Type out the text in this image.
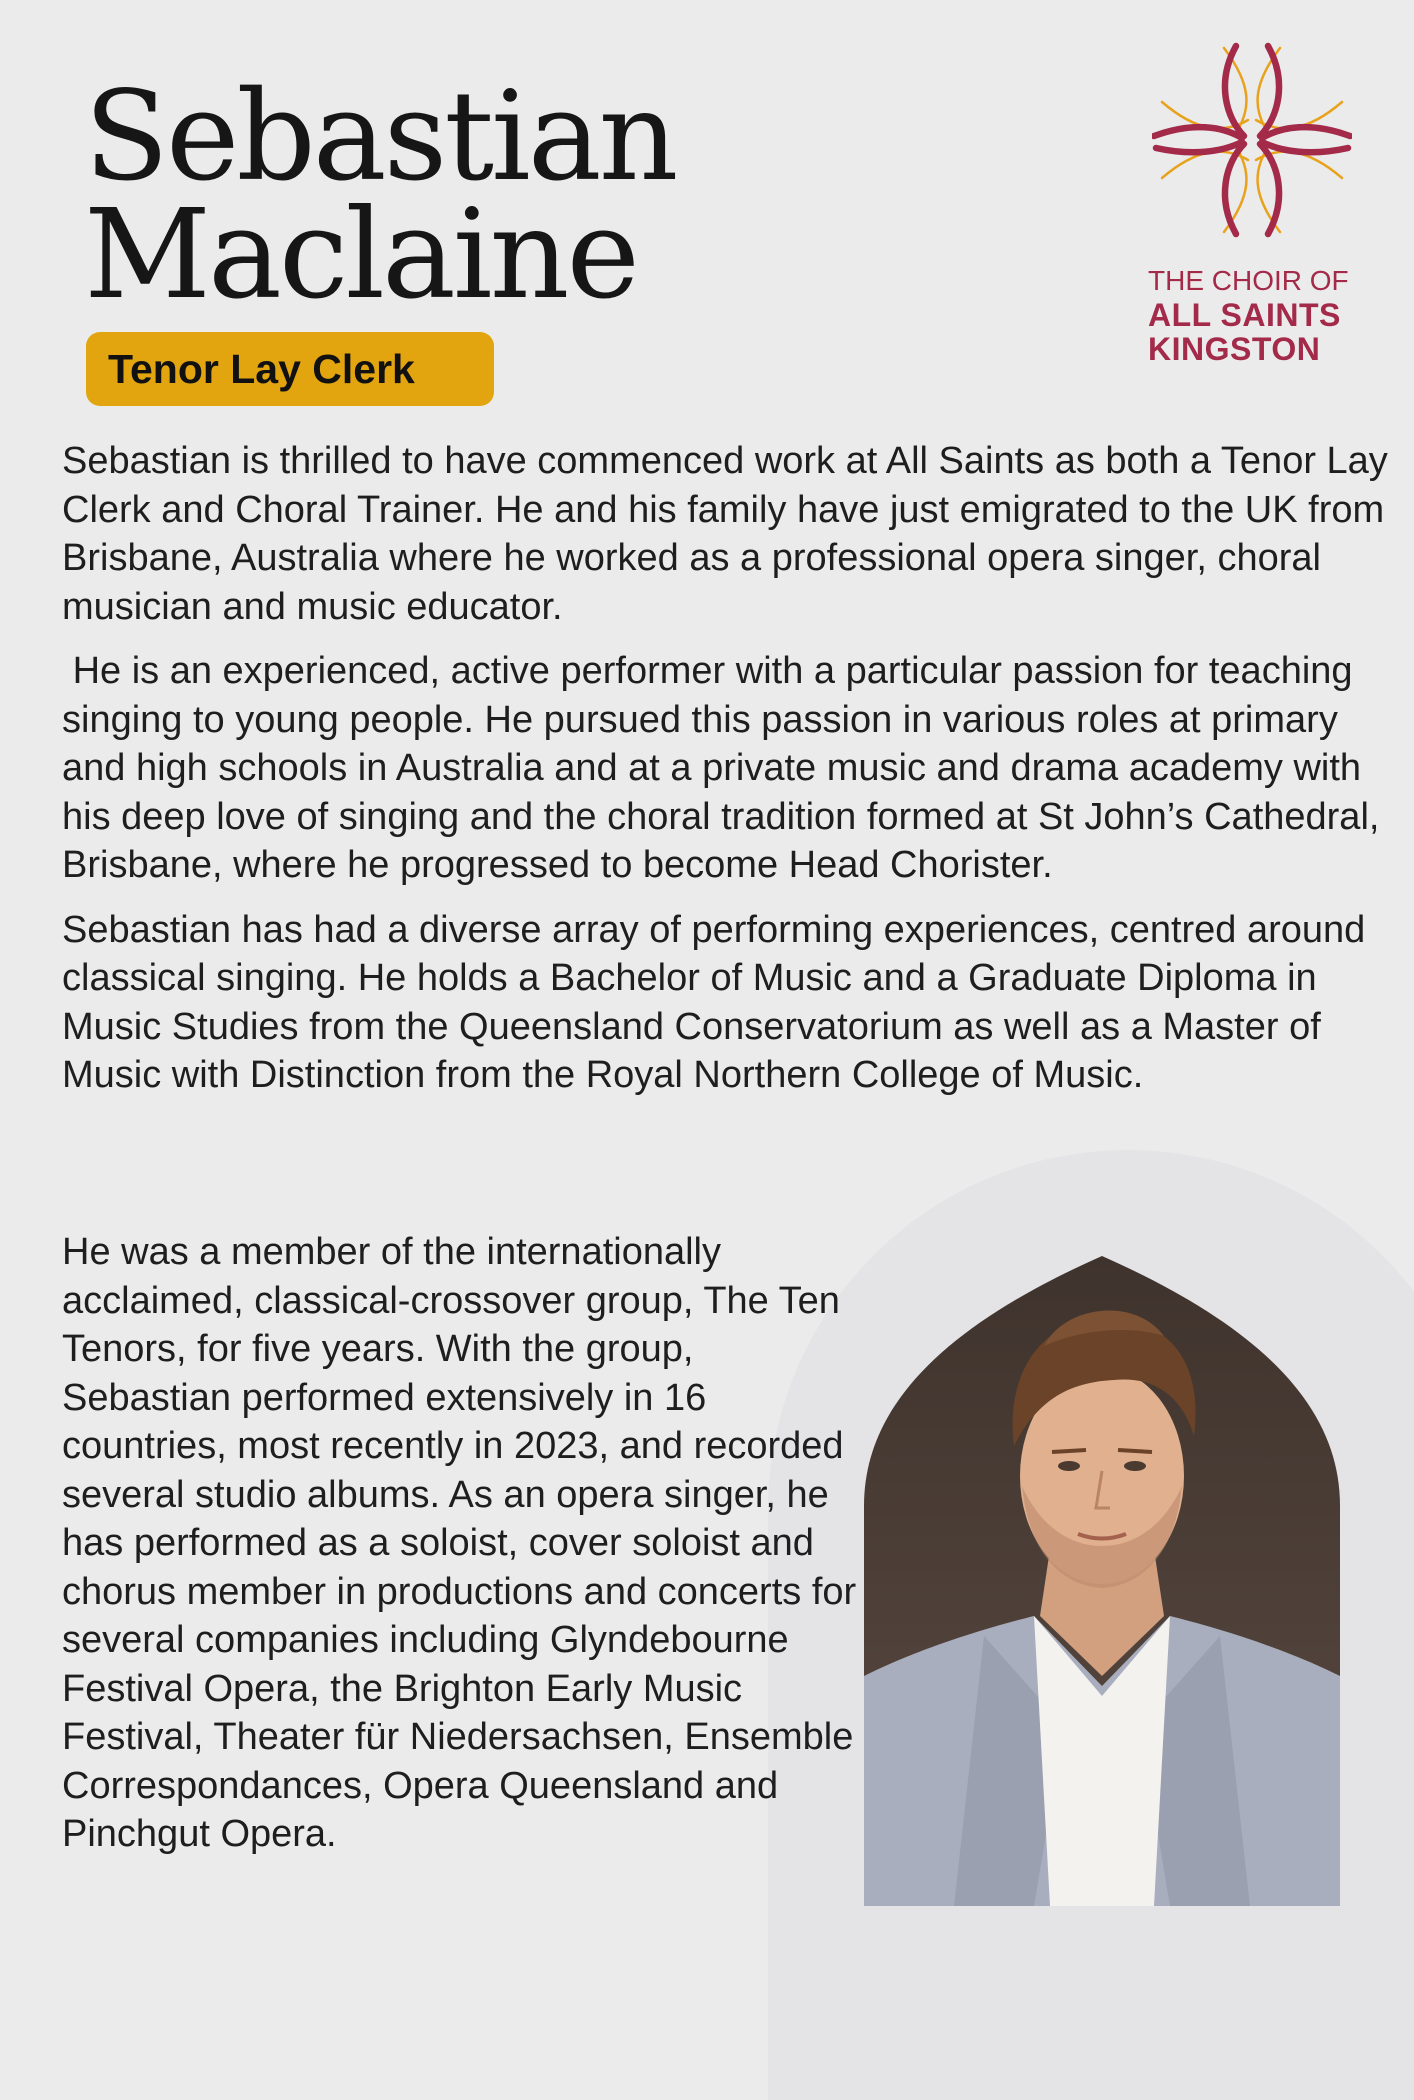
Sebastian
Maclaine
Tenor Lay Clerk
THE CHOIR OF
ALL SAINTS
KINGSTON

Sebastian is thrilled to have commenced work at All Saints as both a Tenor Lay Clerk and Choral Trainer. He and his family have just emigrated to the UK from Brisbane, Australia where he worked as a professional opera singer, choral musician and music educator.

He is an experienced, active performer with a particular passion for teaching singing to young people. He pursued this passion in various roles at primary and high schools in Australia and at a private music and drama academy with his deep love of singing and the choral tradition formed at St John’s Cathedral, Brisbane, where he progressed to become Head Chorister.

Sebastian has had a diverse array of performing experiences, centred around classical singing. He holds a Bachelor of Music and a Graduate Diploma in Music Studies from the Queensland Conservatorium as well as a Master of Music with Distinction from the Royal Northern College of Music.

He was a member of the internationally acclaimed, classical-crossover group, The Ten Tenors, for five years. With the group, Sebastian performed extensively in 16 countries, most recently in 2023, and recorded several studio albums. As an opera singer, he has performed as a soloist, cover soloist and chorus member in productions and concerts for several companies including Glyndebourne Festival Opera, the Brighton Early Music Festival, Theater für Niedersachsen, Ensemble Correspondances, Opera Queensland and Pinchgut Opera.
